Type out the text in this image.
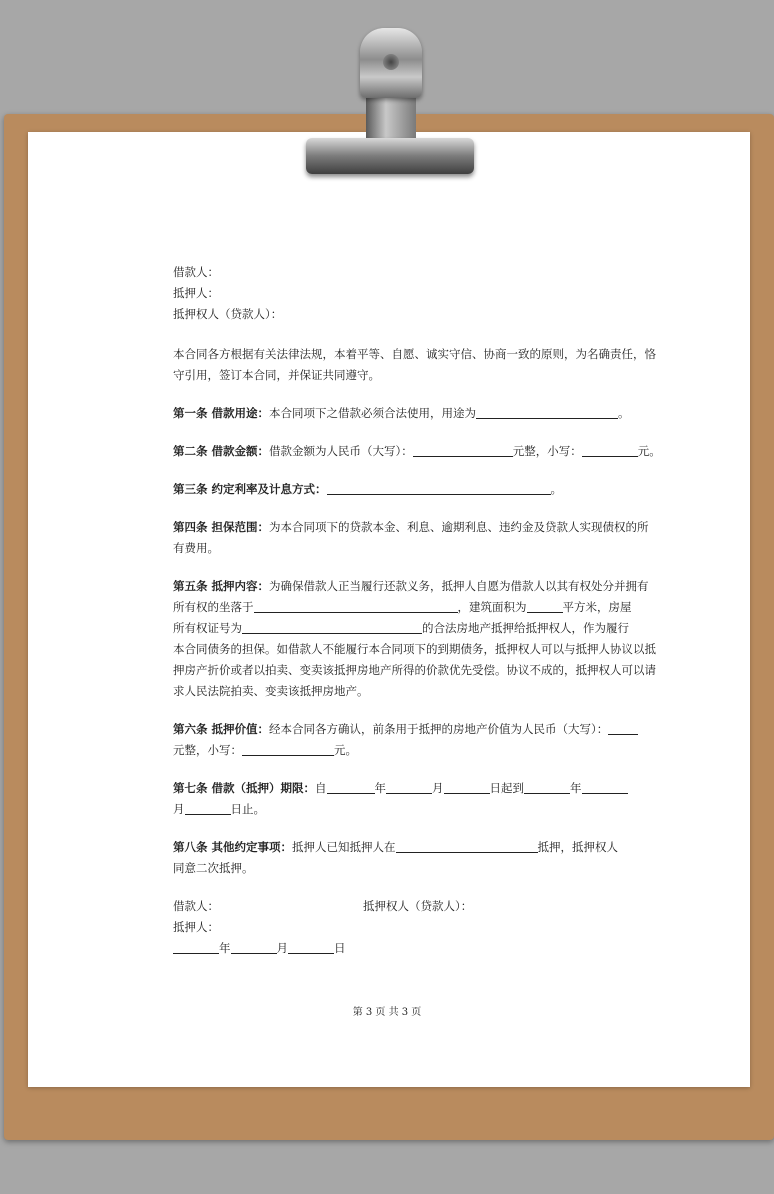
借款人：
抵押人：
抵押权人（贷款人）：
本合同各方根据有关法律法规，本着平等、自愿、诚实守信、协商一致的原则，为名确责任，恪
守引用，签订本合同，并保证共同遵守。
第一条 借款用途：本合同项下之借款必须合法使用，用途为	。
第二条 借款金额：借款金额为人民币（大写）：	元整，小写：	元。
第三条 约定利率及计息方式：	。
第四条 担保范围：为本合同项下的贷款本金、利息、逾期利息、违约金及贷款人实现债权的所
有费用。
第五条 抵押内容：为确保借款人正当履行还款义务，抵押人自愿为借款人以其有权处分并拥有
所有权的坐落于	，建筑面积为	平方米，房屋
所有权证号为	的合法房地产抵押给抵押权人，作为履行
本合同债务的担保。如借款人不能履行本合同项下的到期债务，抵押权人可以与抵押人协议以抵
押房产折价或者以拍卖、变卖该抵押房地产所得的价款优先受偿。协议不成的，抵押权人可以请
求人民法院拍卖、变卖该抵押房地产。
第六条 抵押价值：经本合同各方确认，前条用于抵押的房地产价值为人民币（大写）：
元整，小写：	元。
第七条 借款（抵押）期限：自	年	月	日起到	年
月	日止。
第八条 其他约定事项：抵押人已知抵押人在	抵押，抵押权人
同意二次抵押。
借款人：	抵押权人（贷款人）：
抵押人：
年	月	日
第 3 页 共 3 页
